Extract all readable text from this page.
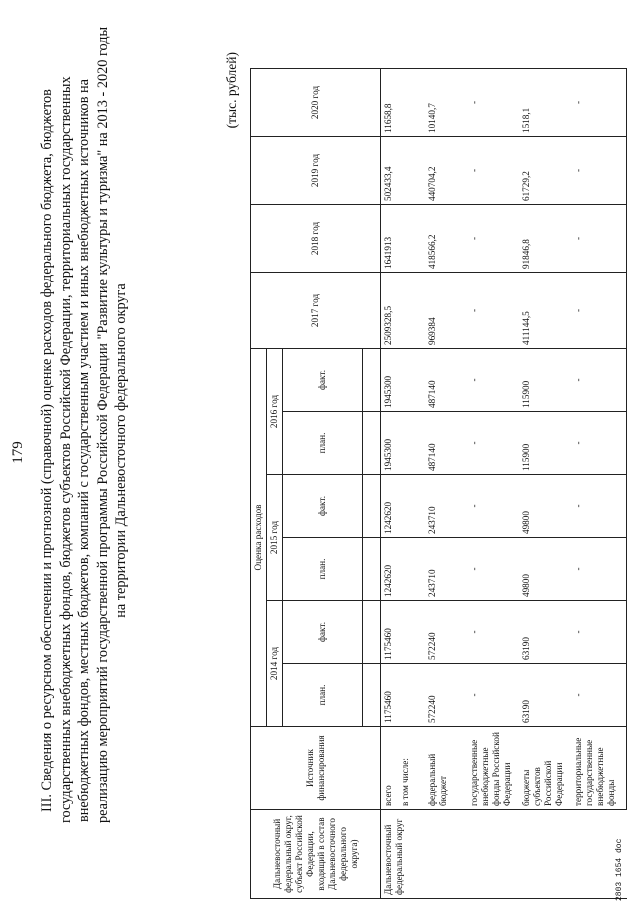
179 III. Сведения о ресурсном обеспечении и прогнозной (справочной) оценке расходов федерального бюджета, бюджетов государственных внебюджетных фондов, бюджетов субъектов Российской Федерации, территориальных государственных внебюджетных фондов, местных бюджетов, компаний с государственным участием и иных внебюджетных источников на реализацию мероприятий государственной программы Российской Федерации "Развитие культуры и туризма" на 2013 - 2020 годы на территории Дальневосточного федерального округа
(тыс. рублей)
Дальневосточный федеральный округ, субъект Российской Федерации, входящий в состав Дальневосточного федерального округа)	Источник финансирования	Оценка расходов						2017 год	2018 год	2019 год	2020 год
		2014 год		2015 год		2016 год					
		план.	факт.	план.	факт.	план.	факт.				

Дальневосточный федеральный округ	всего в том числе:	1175460	1175460	1242620	1242620	1945300	1945300	2509328,5	1641913	502433,4	11658,8
	федеральный бюджет	572240	572240	243710	243710	487140	487140	969384	418566,2	440704,2	10140,7
	государственные внебюджетные фонды Российской Федерации	-	-	-	-	-	-	-	-	-	-
	бюджеты субъектов Российской Федерации	63190	63190	49800	49800	115900	115900	411144,5	91846,8	61729,2	1518,1
	территориальные государственные внебюджетные фонды	-	-	-	-	-	-	-	-	-	-
2803 1654 doc
